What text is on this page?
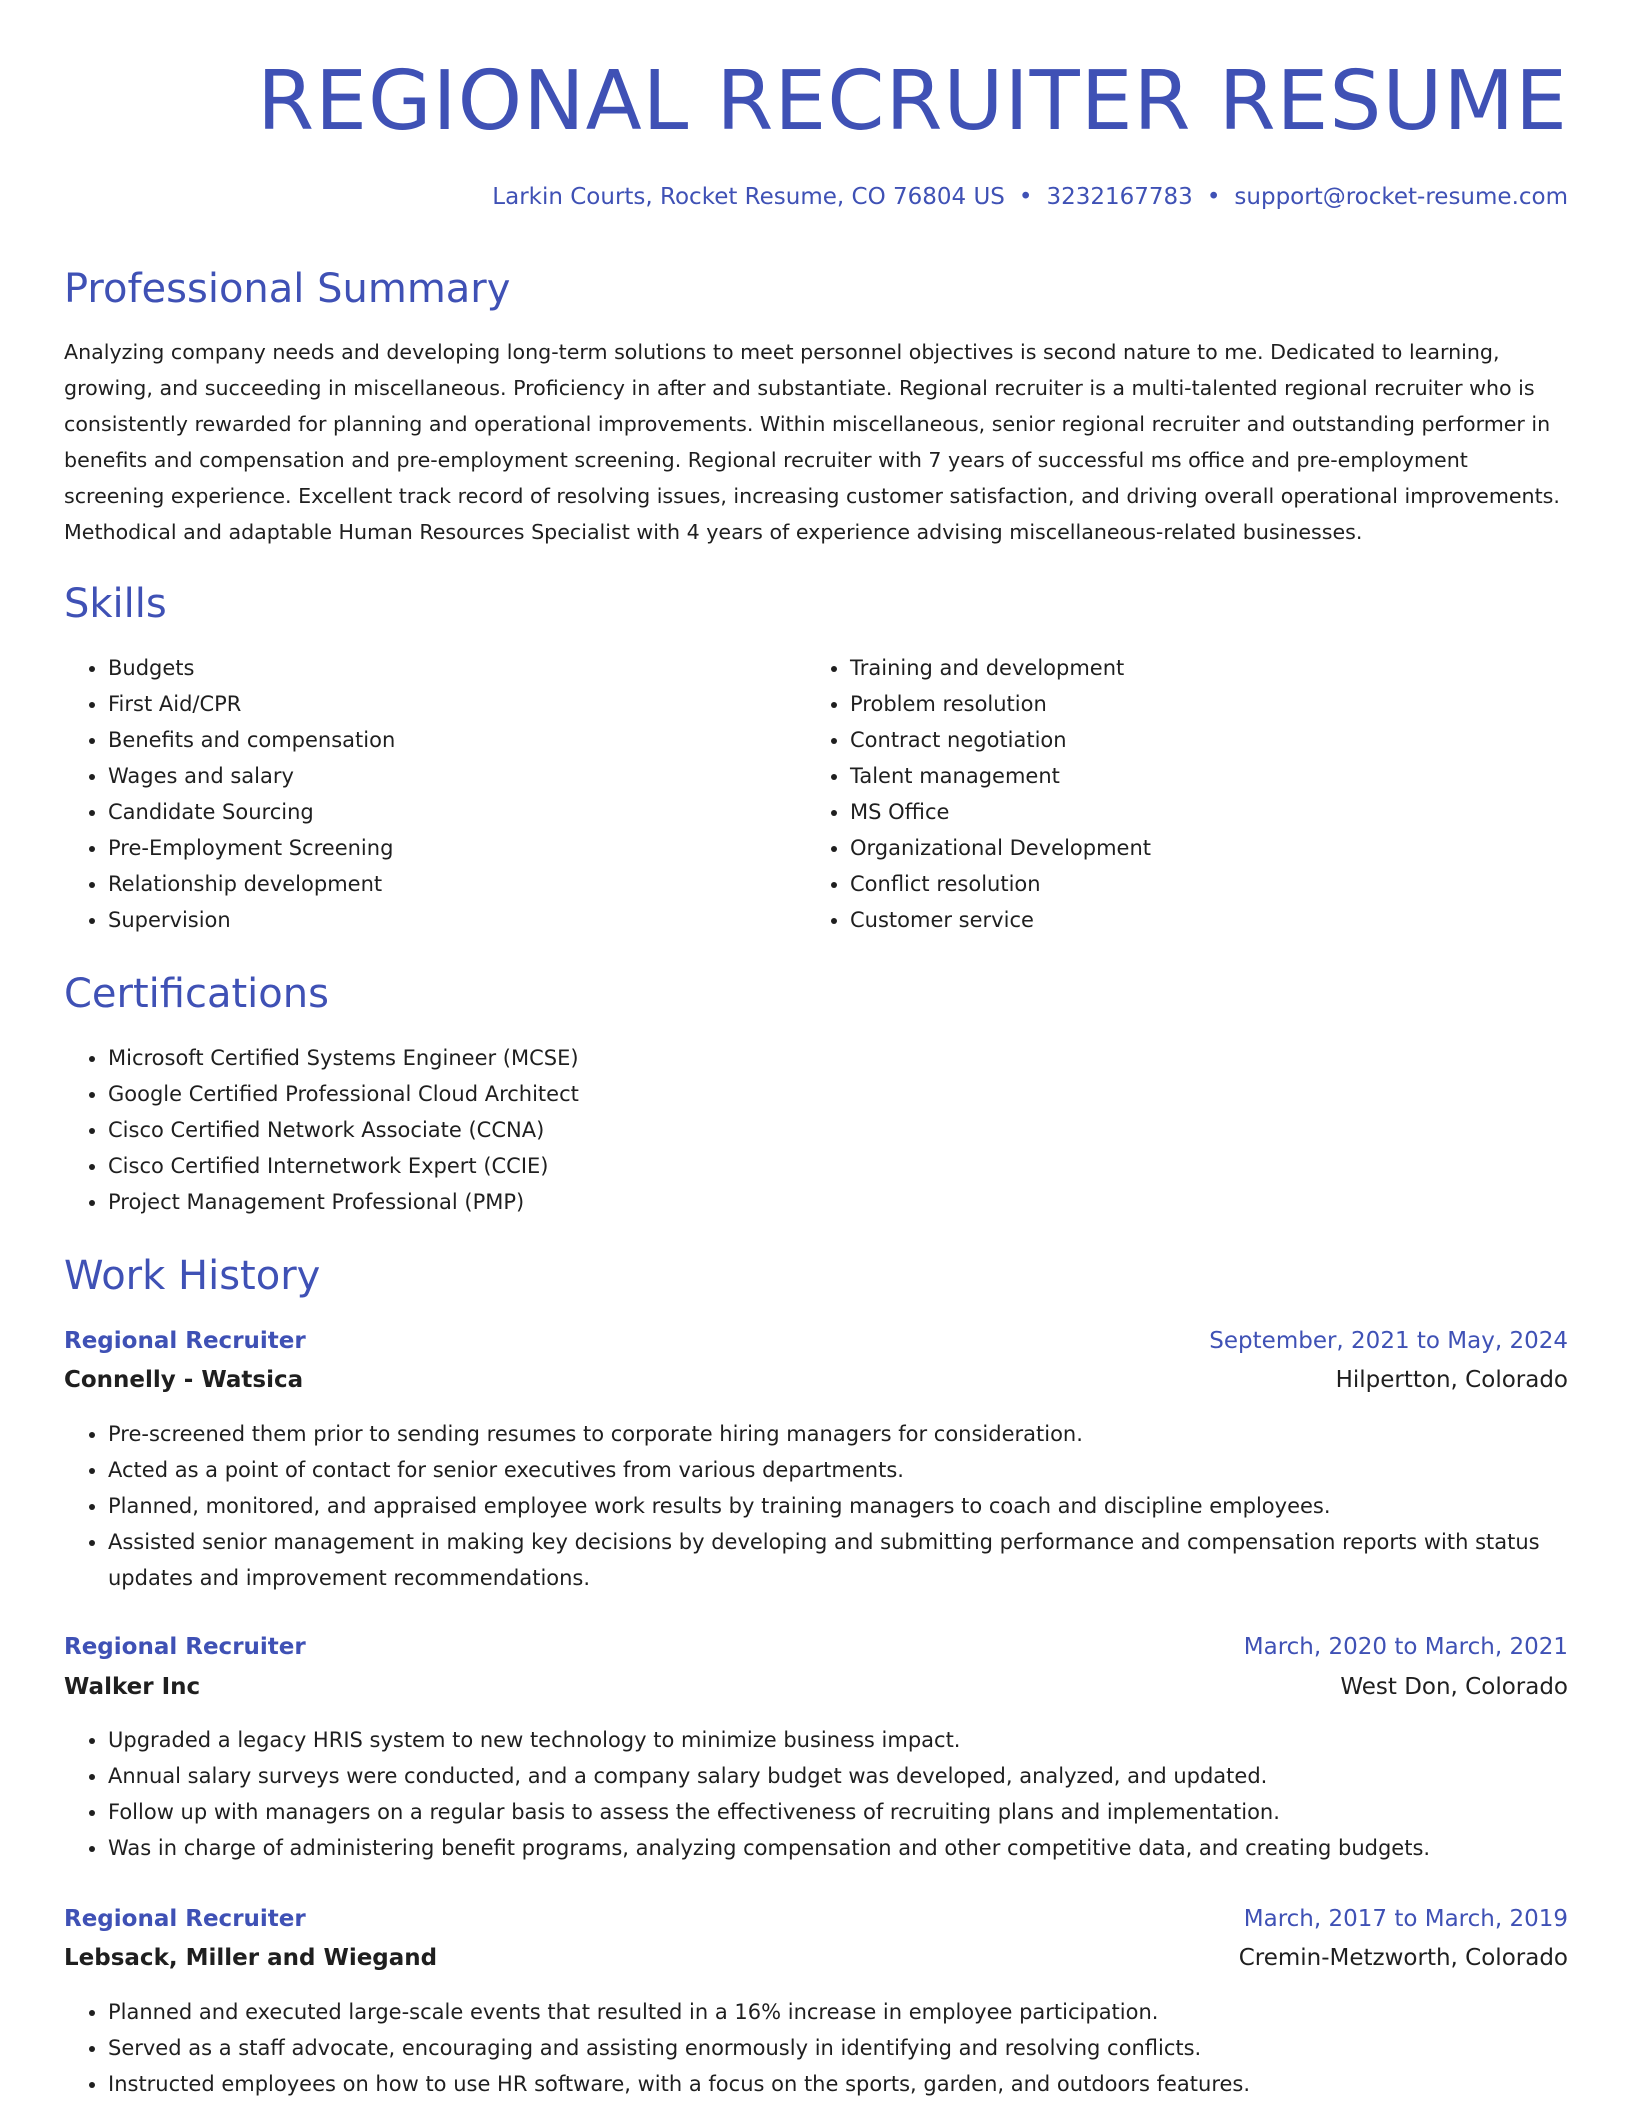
REGIONAL RECRUITER RESUME
Larkin Courts, Rocket Resume, CO 76804 US • 3232167783 • support@rocket-resume.com
Professional Summary

Analyzing company needs and developing long-term solutions to meet personnel objectives is second nature to me. Dedicated to learning, growing, and succeeding in miscellaneous. Proficiency in after and substantiate. Regional recruiter is a multi-talented regional recruiter who is consistently rewarded for planning and operational improvements. Within miscellaneous, senior regional recruiter and outstanding performer in benefits and compensation and pre-employment screening. Regional recruiter with 7 years of successful ms office and pre-employment screening experience. Excellent track record of resolving issues, increasing customer satisfaction, and driving overall operational improvements. Methodical and adaptable Human Resources Specialist with 4 years of experience advising miscellaneous-related businesses.

Skills
• Budgets
• First Aid/CPR
• Benefits and compensation
• Wages and salary
• Candidate Sourcing
• Pre-Employment Screening
• Relationship development
• Supervision
• Training and development
• Problem resolution
• Contract negotiation
• Talent management
• MS Office
• Organizational Development
• Conflict resolution
• Customer service
Certifications
• Microsoft Certified Systems Engineer (MCSE)
• Google Certified Professional Cloud Architect
• Cisco Certified Network Associate (CCNA)
• Cisco Certified Internetwork Expert (CCIE)
• Project Management Professional (PMP)
Work History
Regional Recruiter	September, 2021 to May, 2024
Connelly - Watsica	Hilpertton, Colorado
• Pre-screened them prior to sending resumes to corporate hiring managers for consideration.
• Acted as a point of contact for senior executives from various departments.
• Planned, monitored, and appraised employee work results by training managers to coach and discipline employees.
• Assisted senior management in making key decisions by developing and submitting performance and compensation reports with status updates and improvement recommendations.
Regional Recruiter	March, 2020 to March, 2021
Walker Inc	West Don, Colorado
• Upgraded a legacy HRIS system to new technology to minimize business impact.
• Annual salary surveys were conducted, and a company salary budget was developed, analyzed, and updated.
• Follow up with managers on a regular basis to assess the effectiveness of recruiting plans and implementation.
• Was in charge of administering benefit programs, analyzing compensation and other competitive data, and creating budgets.
Regional Recruiter	March, 2017 to March, 2019
Lebsack, Miller and Wiegand	Cremin-Metzworth, Colorado
• Planned and executed large-scale events that resulted in a 16% increase in employee participation.
• Served as a staff advocate, encouraging and assisting enormously in identifying and resolving conflicts.
• Instructed employees on how to use HR software, with a focus on the sports, garden, and outdoors features.
